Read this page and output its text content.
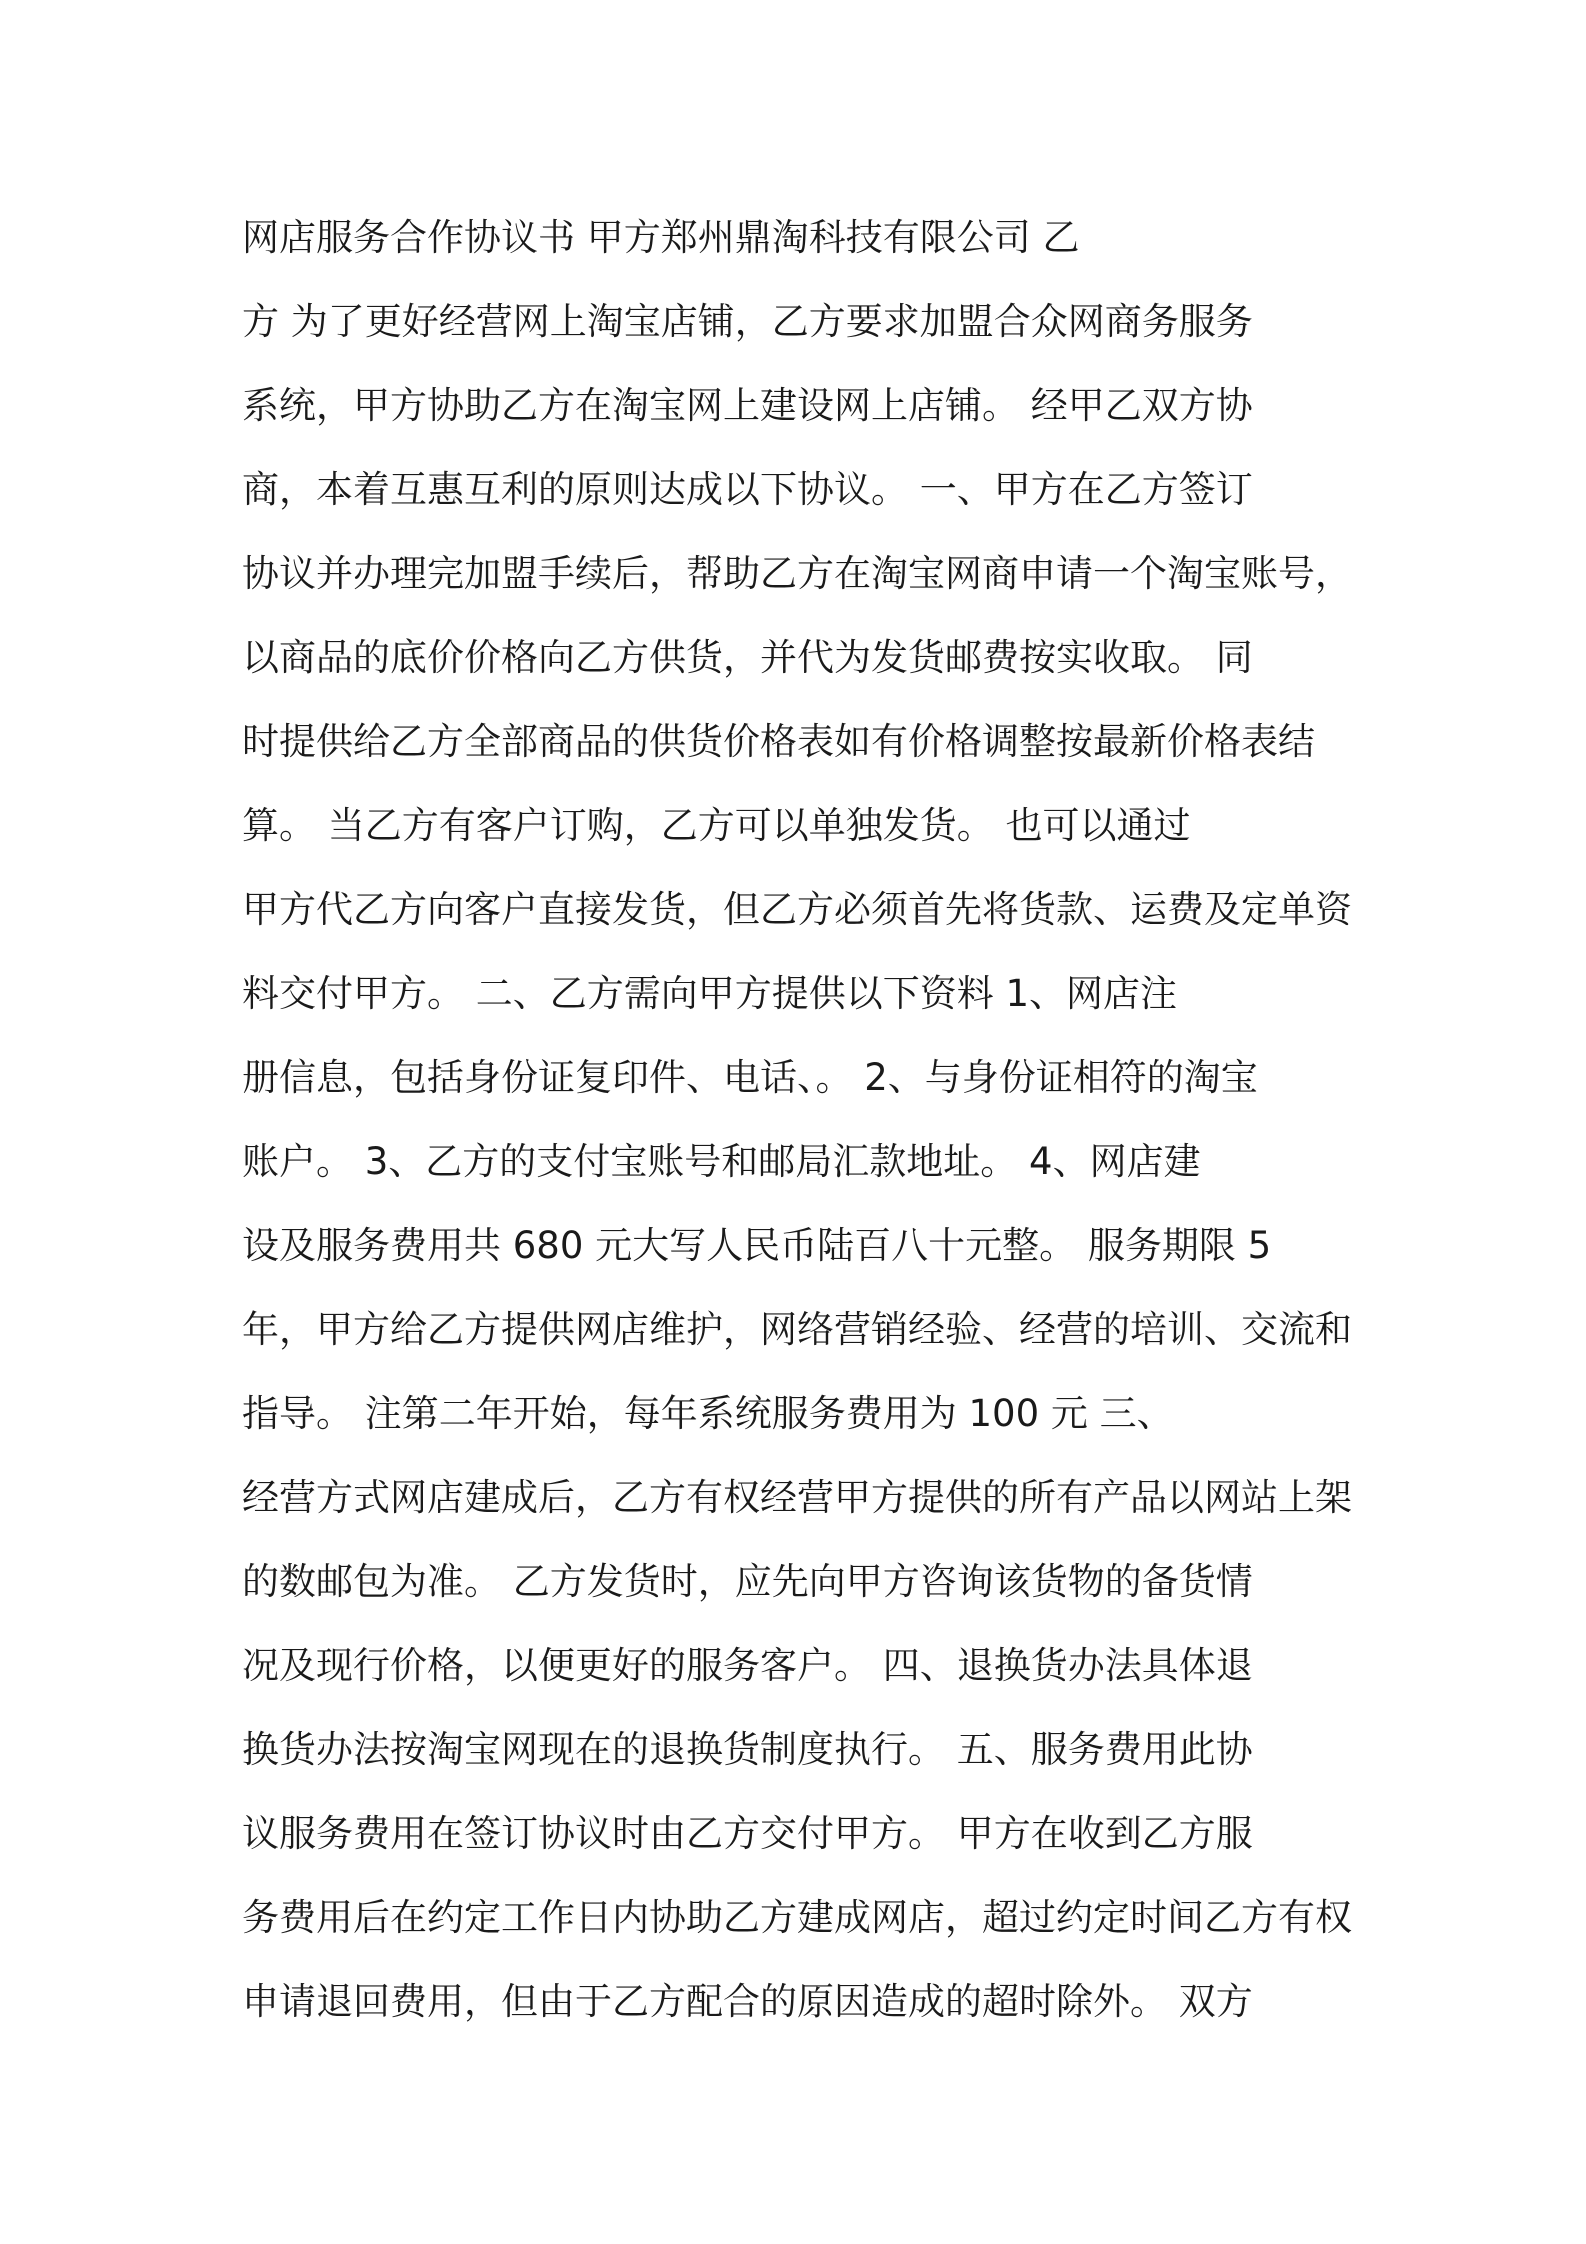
网店服务合作协议书 甲方郑州鼎淘科技有限公司 乙
方 为了更好经营网上淘宝店铺，乙方要求加盟合众网商务服务
系统，甲方协助乙方在淘宝网上建设网上店铺。 经甲乙双方协
商，本着互惠互利的原则达成以下协议。 一、甲方在乙方签订
协议并办理完加盟手续后，帮助乙方在淘宝网商申请一个淘宝账号，
以商品的底价价格向乙方供货，并代为发货邮费按实收取。 同
时提供给乙方全部商品的供货价格表如有价格调整按最新价格表结
算。 当乙方有客户订购，乙方可以单独发货。 也可以通过
甲方代乙方向客户直接发货，但乙方必须首先将货款、运费及定单资
料交付甲方。 二、乙方需向甲方提供以下资料 1、网店注
册信息，包括身份证复印件、电话、。 2、与身份证相符的淘宝
账户。 3、乙方的支付宝账号和邮局汇款地址。 4、网店建
设及服务费用共 680 元大写人民币陆百八十元整。 服务期限 5
年，甲方给乙方提供网店维护，网络营销经验、经营的培训、交流和
指导。 注第二年开始，每年系统服务费用为 100 元 三、
经营方式网店建成后，乙方有权经营甲方提供的所有产品以网站上架
的数邮包为准。 乙方发货时，应先向甲方咨询该货物的备货情
况及现行价格，以便更好的服务客户。 四、退换货办法具体退
换货办法按淘宝网现在的退换货制度执行。 五、服务费用此协
议服务费用在签订协议时由乙方交付甲方。 甲方在收到乙方服
务费用后在约定工作日内协助乙方建成网店，超过约定时间乙方有权
申请退回费用，但由于乙方配合的原因造成的超时除外。 双方
